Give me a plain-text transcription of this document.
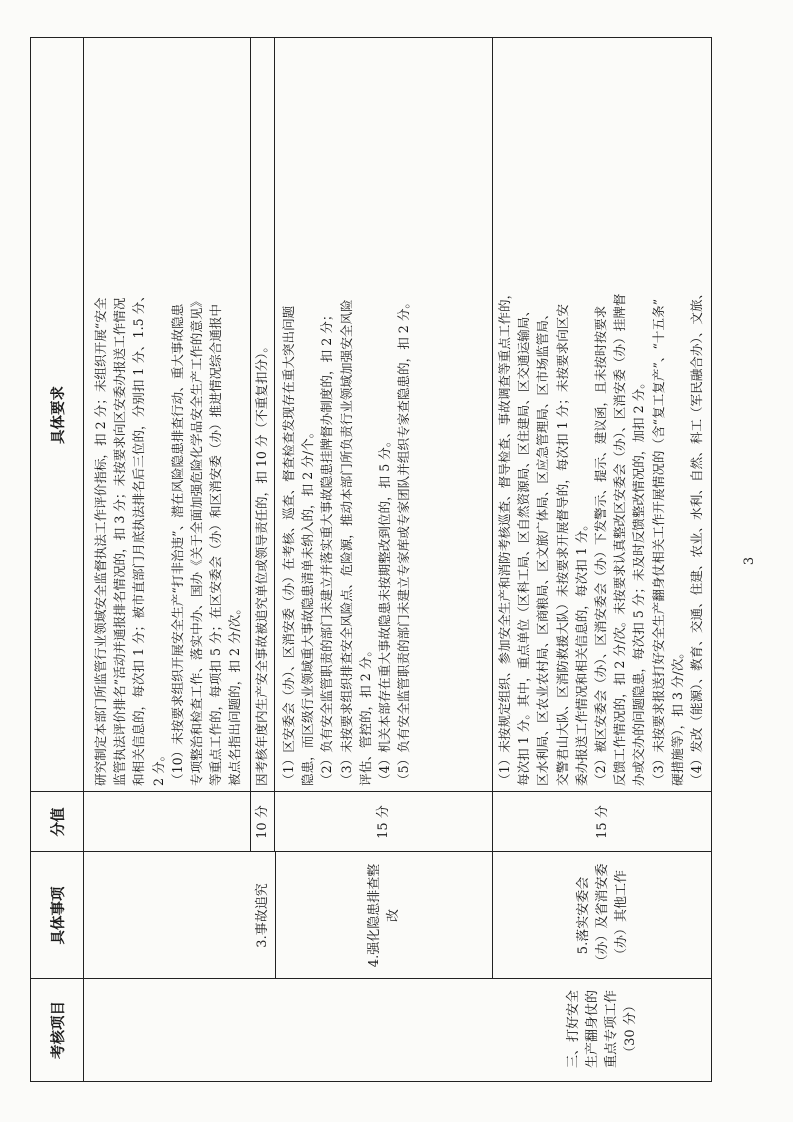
考核项目
具体事项
分值
具体要求	研究制定本部门所监管行业领域安全监督执法工作评价指标，扣 2 分；未组织开展“安全 监管执法评价排名”活动并通报排名情况的，扣 3 分；未按要求向区安委办报送工作情况 和相关信息的，每次扣 1 分；被市直部门月底执法排名后三位的，分别扣 1 分、1.5 分、 2 分。 （10）未按要求组织开展安全生产“打非治违”、潜在风险隐患排查行动、重大事故隐患 专项整治和检查工作、落实中办、国办《关于全面加强危险化学品安全生产工作的意见》 等重点工作的，每项扣 5 分；在区安委会（办）和区消安委（办）推进情况综合通报中 被点名指出问题的，扣 2 分/次。

3.事故追究
10 分

因考核年度内生产安全事故被追究单位或领导责任的，扣 10 分（不重复扣分）。

4.强化隐患排查整改
15 分

（1）区安委会（办）、区消安委（办）在考核、巡查、督查检查发现存在重大突出问题 隐患，而区级行业领域重大事故隐患清单未纳入的，扣 2 分/个。 （2）负有安全监管职责的部门未建立并落实重大事故隐患挂牌督办制度的，扣 2 分； （3）未按要求组织排查安全风险点、危险源，推动本部门所负责行业领域加强安全风险 评估、管控的，扣 2 分。 （4）机关本部存在重大事故隐患未按期整改到位的，扣 5 分。 （5）负有安全监管职责的部门未建立专家库或专家团队并组织专家查隐患的，扣 2 分。

三、打好安全生产翻身仗的重点专项工作（30 分）
5.落实安委会（办）及省消安委（办）其他工作
15 分

（1）未按规定组织、参加安全生产和消防考核巡查、督导检查、事故调查等重点工作的， 每次扣 1 分。其中，重点单位（区科工局、区自然资源局、区住建局、区交通运输局、 区水利局、区农业农村局、区商粮局、区文旅广体局、区应急管理局、区市场监管局、 交警君山大队、区消防救援大队）未按要求开展督导的，每次扣 1 分；未按要求向区安 委办报送工作情况和相关信息的，每次扣 1 分。 （2）被区安委会（办）、区消安委会（办）下发警示、提示、建议函，且未按时按要求 反馈工作情况的，扣 2 分/次。未按要求认真整改区安委会（办）、区消安委（办）挂牌督 办或交办的问题隐患，每次扣 5 分；未及时反馈整改情况的，加扣 2 分。 （3）未按要求报送打好安全生产翻身仗相关工作开展情况的（含“复工复产”、“十五条” 硬措施等），扣 3 分/次。 （4）发改（能源）、教育、交通、住建、农业、水利、自然、科工（军民融合办）、文旅、	3
